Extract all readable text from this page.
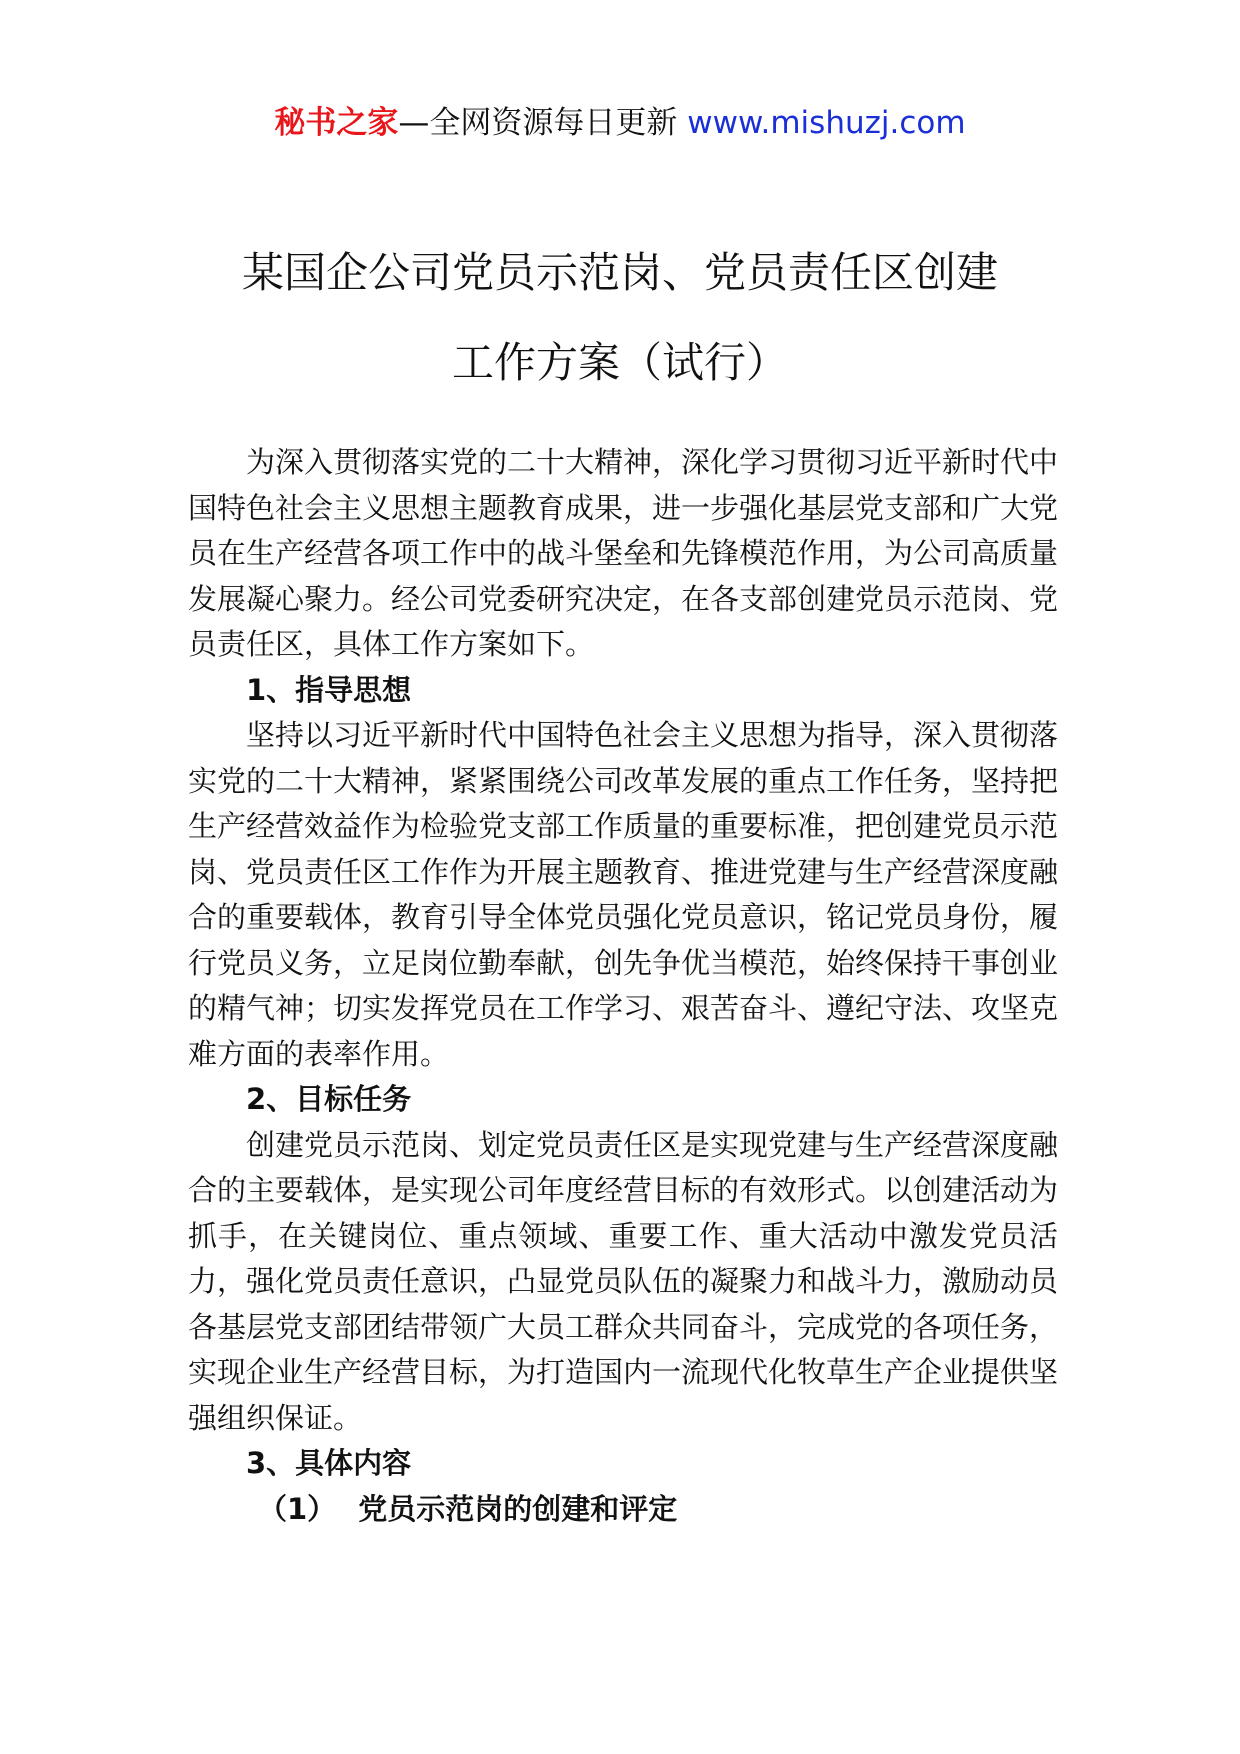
秘书之家—全网资源每日更新 www.mishuzj.com
某国企公司党员示范岗、党员责任区创建
工作方案（试行）

为深入贯彻落实党的二十大精神，深化学习贯彻习近平新时代中国特色社会主义思想主题教育成果，进一步强化基层党支部和广大党员在生产经营各项工作中的战斗堡垒和先锋模范作用，为公司高质量发展凝心聚力。经公司党委研究决定，在各支部创建党员示范岗、党员责任区，具体工作方案如下。

1、指导思想

坚持以习近平新时代中国特色社会主义思想为指导，深入贯彻落实党的二十大精神，紧紧围绕公司改革发展的重点工作任务，坚持把生产经营效益作为检验党支部工作质量的重要标准，把创建党员示范岗、党员责任区工作作为开展主题教育、推进党建与生产经营深度融合的重要载体，教育引导全体党员强化党员意识，铭记党员身份，履行党员义务，立足岗位勤奉献，创先争优当模范，始终保持干事创业的精气神；切实发挥党员在工作学习、艰苦奋斗、遵纪守法、攻坚克难方面的表率作用。

2、目标任务

创建党员示范岗、划定党员责任区是实现党建与生产经营深度融合的主要载体，是实现公司年度经营目标的有效形式。以创建活动为抓手，在关键岗位、重点领域、重要工作、重大活动中激发党员活力，强化党员责任意识，凸显党员队伍的凝聚力和战斗力，激励动员各基层党支部团结带领广大员工群众共同奋斗，完成党的各项任务，实现企业生产经营目标，为打造国内一流现代化牧草生产企业提供坚强组织保证。

3、具体内容

（1） 党员示范岗的创建和评定
